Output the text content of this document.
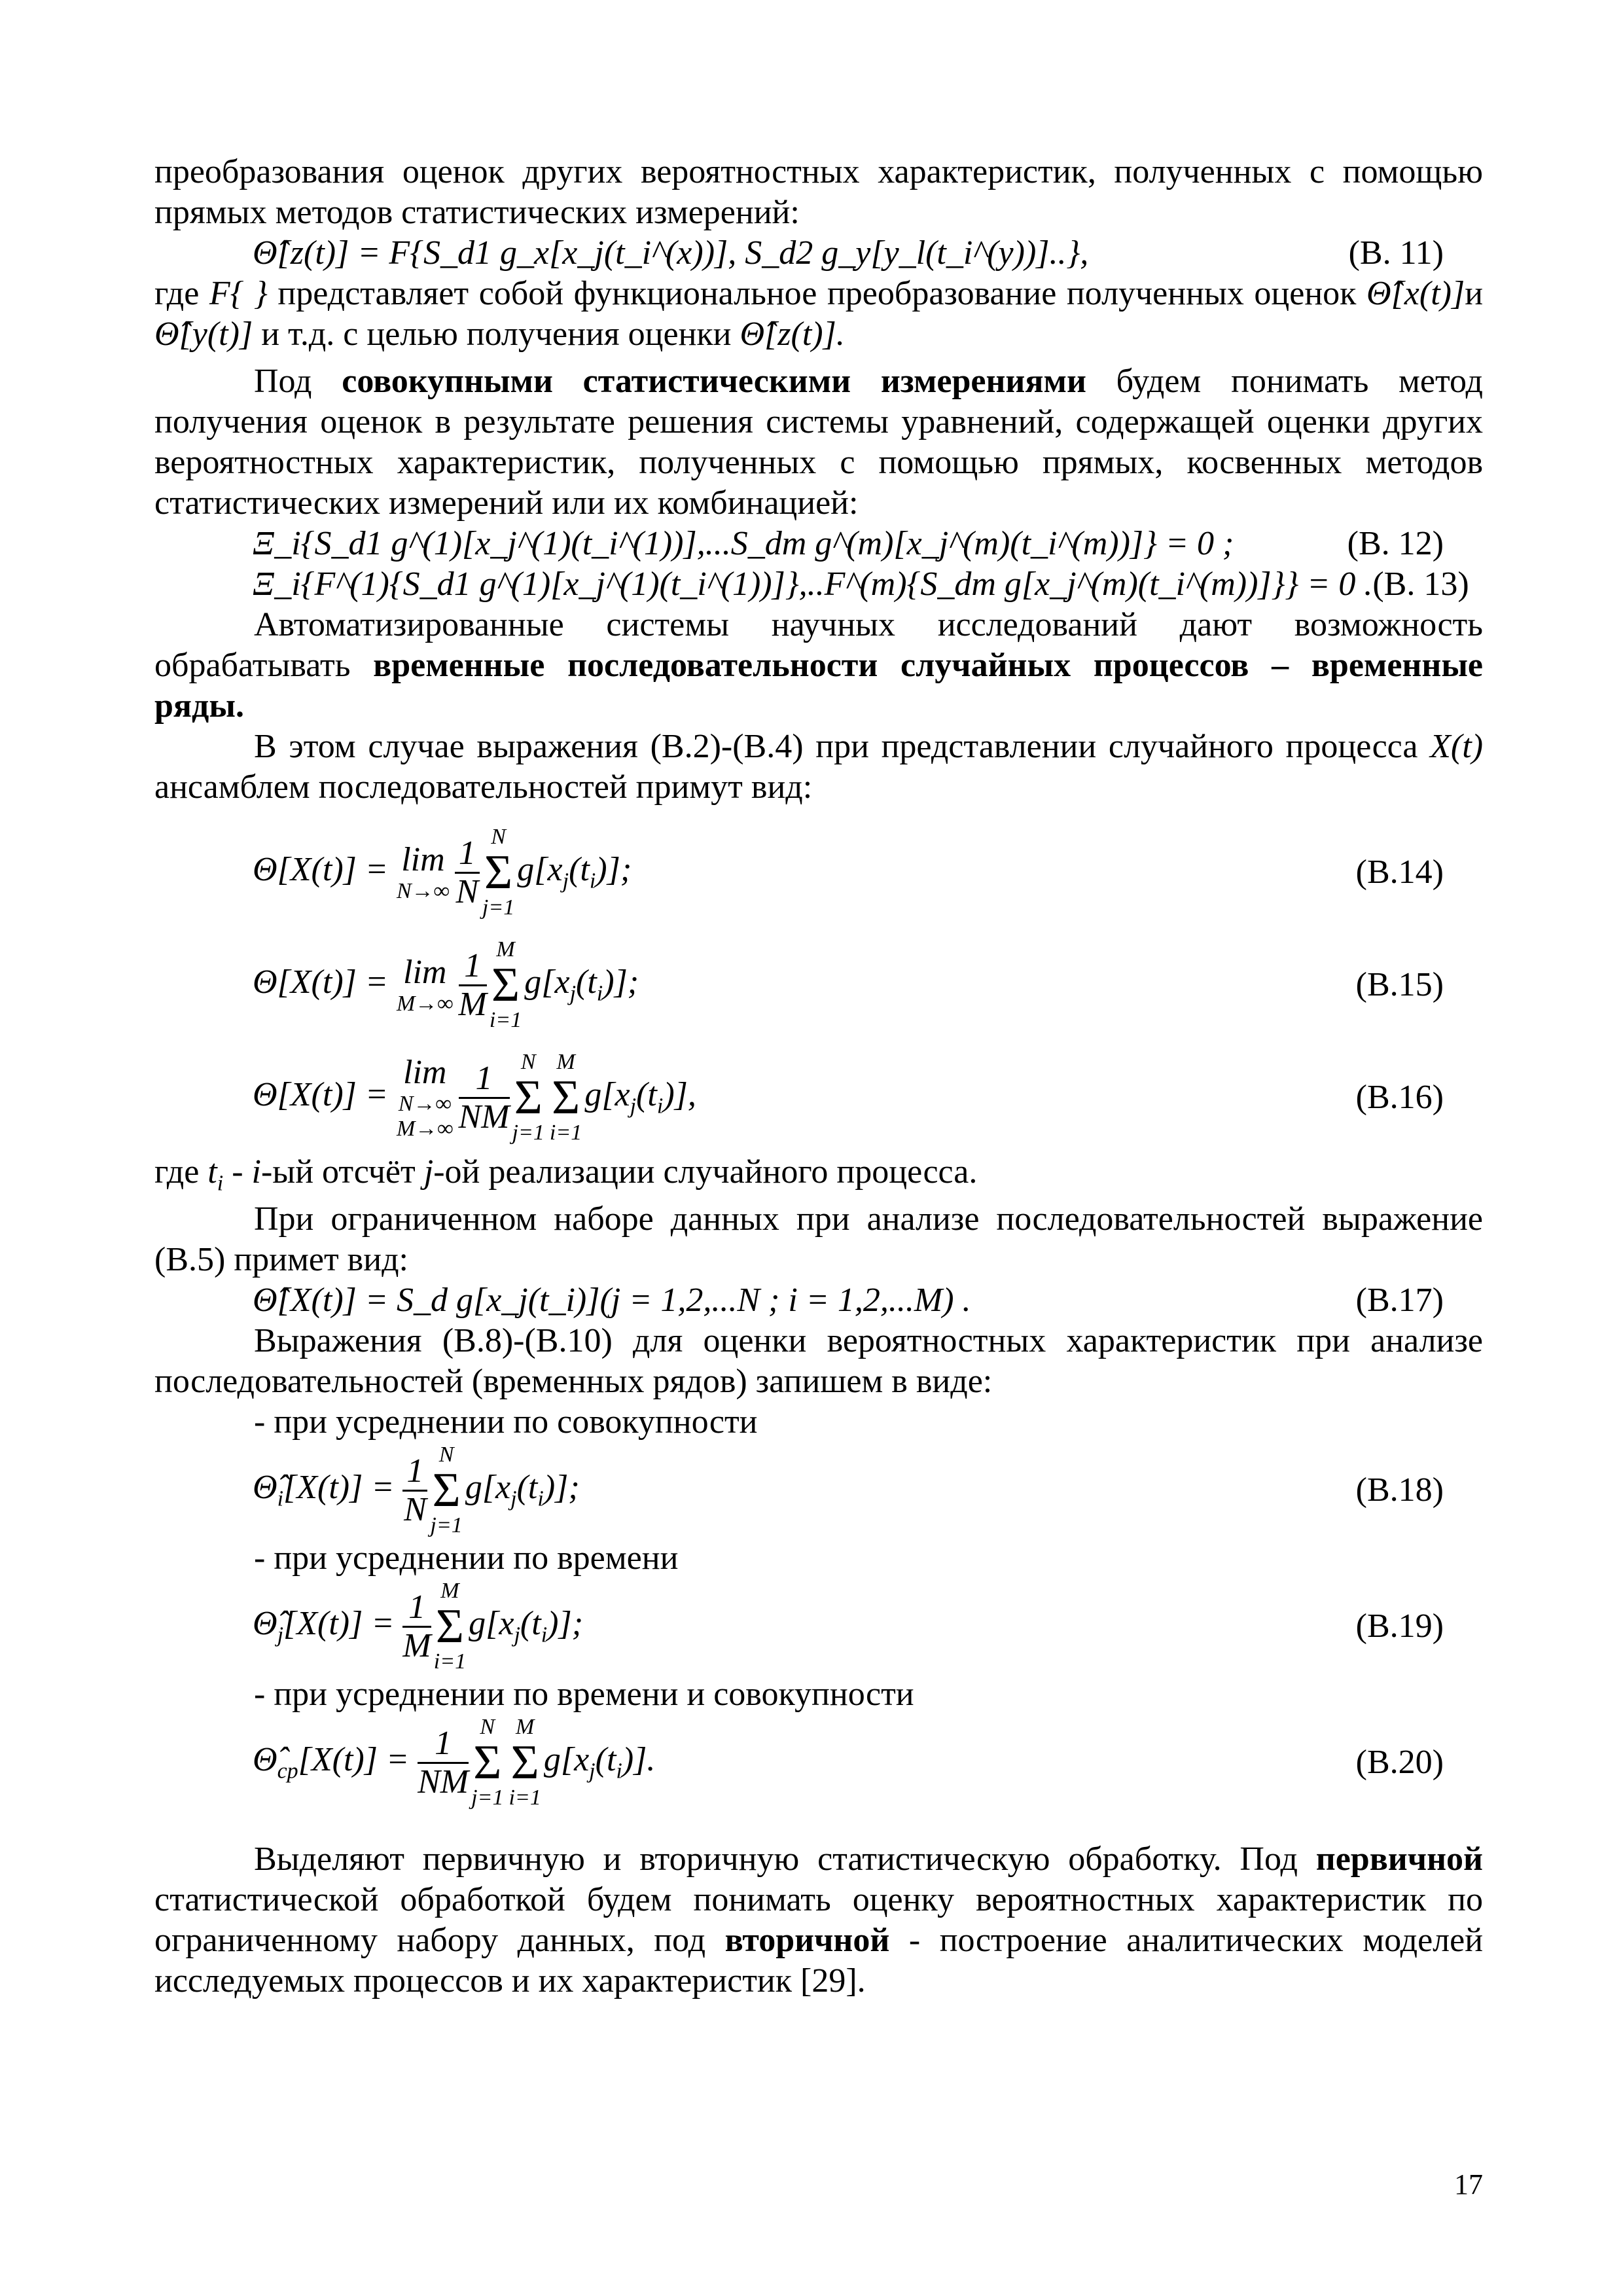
преобразования оценок других вероятностных характеристик, полученных с помощью прямых методов статистических измерений:

Θ̂[z(t)] = F{S_d1 g_x[x_j(t_i^(x))], S_d2 g_y[y_l(t_i^(y))]..},	(В. 11)

где F{ } представляет собой функциональное преобразование полученных оценок Θ̂[x(t)]и Θ̂[y(t)] и т.д. с целью получения оценки Θ̂[z(t)].

Под совокупными статистическими измерениями будем понимать метод получения оценок в результате решения системы уравнений, содержащей оценки других вероятностных характеристик, полученных с помощью прямых, косвенных методов статистических измерений или их комбинацией:

Ξ_i{S_d1 g^(1)[x_j^(1)(t_i^(1))],...S_dm g^(m)[x_j^(m)(t_i^(m))]} = 0 ;	(В. 12)
Ξ_i{F^(1){S_d1 g^(1)[x_j^(1)(t_i^(1))]},..F^(m){S_dm g[x_j^(m)(t_i^(m))]}} = 0 . (В. 13)

Автоматизированные системы научных исследований дают возможность обрабатывать временные последовательности случайных процессов – временные ряды.

В этом случае выражения (В.2)-(В.4) при представлении случайного процесса X(t) ансамблем последовательностей примут вид:

Θ[X(t)] = lim
$N\to\infty \frac{1}{N}$ N
Σ
j=1
$g[x_j(t_i)]$;	(В.14)
Θ[X(t)] = lim
$M\to\infty \frac{1}{M}$ M
Σ
i=1
$g[x_j(t_i)]$;	(В.15)
Θ[X(t)] =
lim
N→∞
$M\to\infty \frac{1}{NM}$ N
Σ
j=1
M
Σ
i=1
$g[x_j(t_i)]$,	(В.16)

где $t_i - i-ый$ отсчёт j-ой реализации случайного процесса.

При ограниченном наборе данных при анализе последовательностей выражение (В.5) примет вид:

Θ̂[X(t)] = S_d g[x_j(t_i)](j = 1,2,...N ; i = 1,2,...M) .	(В.17)

Выражения (В.8)-(В.10) для оценки вероятностных характеристик при анализе последовательностей (временных рядов) запишем в виде:

- при усреднении по совокупности

$\Thetâ_i[X(t)] = \frac{1}{N}$ N
Σ
j=1
$g[x_j(t_i)]$;	(В.18)

- при усреднении по времени

$\Thetâ_j[X(t)] = \frac{1}{M}$ M
Σ
i=1
$g[x_j(t_i)]$;	(В.19)

- при усреднении по времени и совокупности

$\Thetâ_{ср}[X(t)] = \frac{1}{NM}$ N
Σ
j=1
M
Σ
i=1
$g[x_j(t_i)]$.	(В.20)

Выделяют первичную и вторичную статистическую обработку. Под первичной статистической обработкой будем понимать оценку вероятностных характеристик по ограниченному набору данных, под вторичной - построение аналитических моделей исследуемых процессов и их характеристик [29].

17
